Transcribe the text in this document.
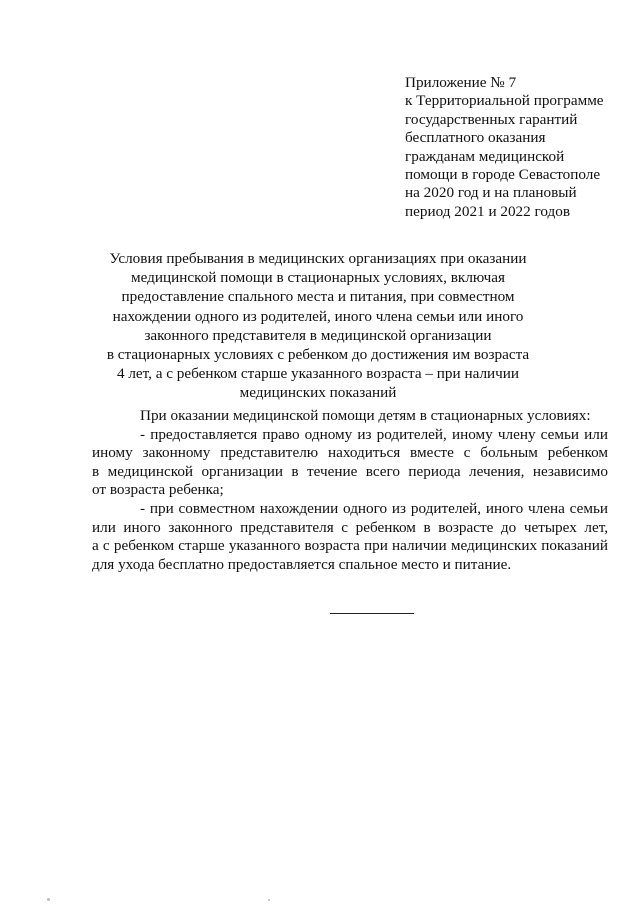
Приложение № 7
к Территориальной программе
государственных гарантий
бесплатного оказания
гражданам медицинской
помощи в городе Севастополе
на 2020 год и на плановый
период 2021 и 2022 годов
Условия пребывания в медицинских организациях при оказании
медицинской помощи в стационарных условиях, включая
предоставление спального места и питания, при совместном
нахождении одного из родителей, иного члена семьи или иного
законного представителя в медицинской организации
в стационарных условиях с ребенком до достижения им возраста
4 лет, а с ребенком старше указанного возраста – при наличии
медицинских показаний
При оказании медицинской помощи детям в стационарных условиях:
- предоставляется право одному из родителей, иному члену семьи или
иному законному представителю находиться вместе с больным ребенком
в медицинской организации в течение всего периода лечения, независимо
от возраста ребенка;
- при совместном нахождении одного из родителей, иного члена семьи
или иного законного представителя с ребенком в возрасте до четырех лет,
а с ребенком старше указанного возраста при наличии медицинских показаний
для ухода бесплатно предоставляется спальное место и питание.
